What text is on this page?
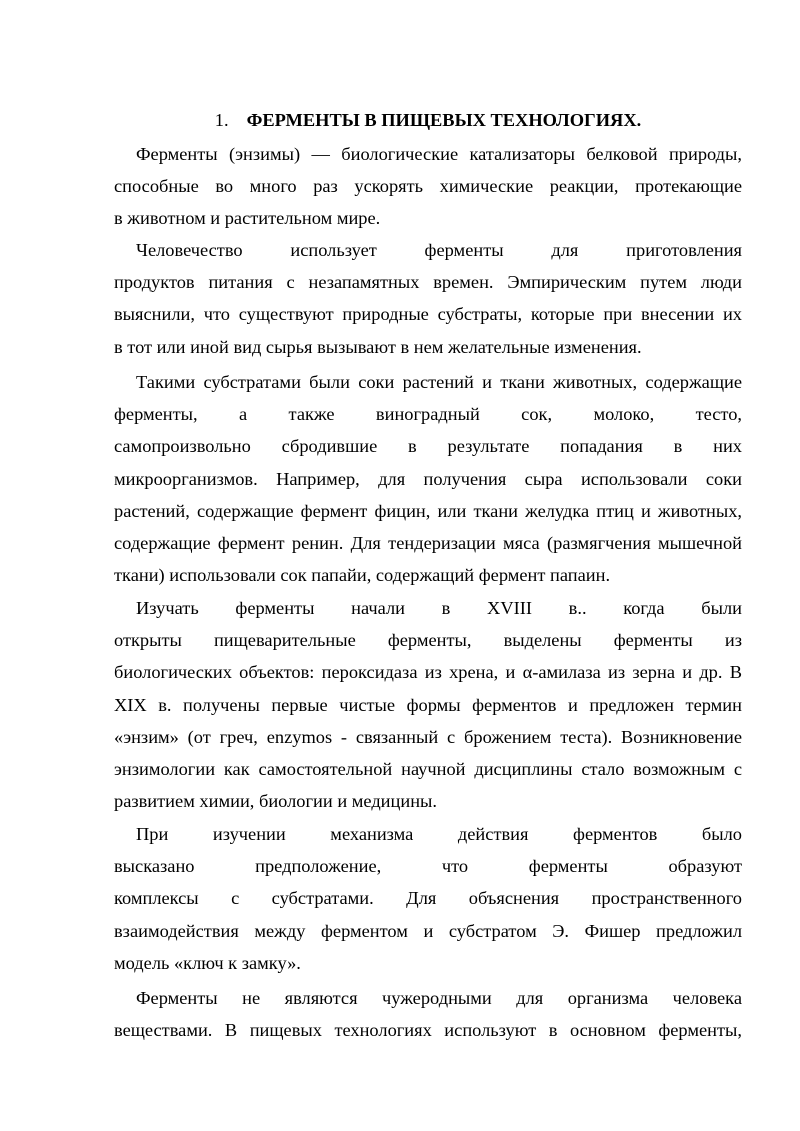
1. ФЕРМЕНТЫ В ПИЩЕВЫХ ТЕХНОЛОГИЯХ.
Ферменты (энзимы) — биологические катализаторы белковой природы,
способные во много раз ускорять химические реакции, протекающие
в животном и растительном мире.
Человечество использует ферменты для приготовления
продуктов питания с незапамятных времен. Эмпирическим путем люди
выяснили, что существуют природные субстраты, которые при внесении их
в тот или иной вид сырья вызывают в нем желательные изменения.
Такими субстратами были соки растений и ткани животных, содержащие
ферменты, а также виноградный сок, молоко, тесто,
самопроизвольно сбродившие в результате попадания в них
микроорганизмов. Например, для получения сыра использовали соки
растений, содержащие фермент фицин, или ткани желудка птиц и животных,
содержащие фермент ренин. Для тендеризации мяса (размягчения мышечной
ткани) использовали сок папайи, содержащий фермент папаин.
Изучать ферменты начали в XVIII в.. когда были
открыты пищеварительные ферменты, выделены ферменты из
биологических объектов: пероксидаза из хрена, и α-амилаза из зерна и др. В
XIX в. получены первые чистые формы ферментов и предложен термин
«энзим» (от греч, enzymos - связанный с брожением теста). Возникновение
энзимологии как самостоятельной научной дисциплины стало возможным с
развитием химии, биологии и медицины.
При изучении механизма действия ферментов было
высказано предположение, что ферменты образуют
комплексы с субстратами. Для объяснения пространственного
взаимодействия между ферментом и субстратом Э. Фишер предложил
модель «ключ к замку».
Ферменты не являются чужеродными для организма человека
веществами. В пищевых технологиях используют в основном ферменты,
